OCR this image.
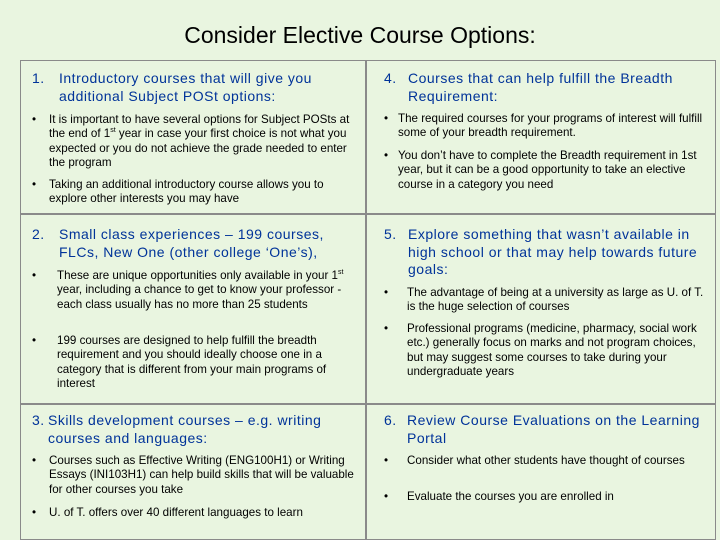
Consider Elective Course Options:
1.	Introductory courses that will give you additional Subject POSt options:
•	It is important to have several options for Subject POSts at the end of 1st year in case your first choice is not what you expected or you do not achieve the grade needed to enter the program
•	Taking an additional introductory course allows you to explore other interests you may have
2.	Small class experiences – 199 courses, FLCs, New One (other college ‘One’s),
•	These are unique opportunities only available in your 1st year, including a chance to get to know your professor - each class usually has no more than 25 students
•	199 courses are designed to help fulfill the breadth requirement and you should ideally choose one in a category that is different from your main programs of interest
3. Skills development courses – e.g. writing courses and languages:
•	Courses such as Effective Writing (ENG100H1) or Writing Essays (INI103H1) can help build skills that will be valuable for other courses you take
•	U. of T. offers over 40 different languages to learn
4. Courses that can help fulfill the Breadth Requirement:
• The required courses for your programs of interest will fulfill some of your breadth requirement.
• You don’t have to complete the Breadth requirement in 1st year, but it can be a good opportunity to take an elective course in a category you need
5. Explore something that wasn’t available in high school or that may help towards future goals:
•	The advantage of being at a university as large as U. of T. is the huge selection of courses
•	Professional programs (medicine, pharmacy, social work etc.) generally focus on marks and not program choices, but may suggest some courses to take during your undergraduate years
6. Review Course Evaluations on the Learning Portal
•	Consider what other students have thought of courses
•	Evaluate the courses you are enrolled in
